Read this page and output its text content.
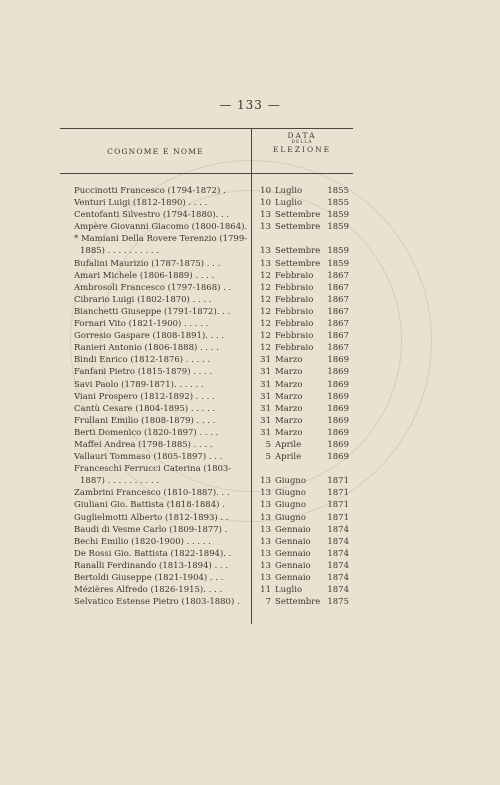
— 133 —
COGNOME E NOME
DATA
DELLA
ELEZIONE
Puccinotti Francesco (1794-1872) .	10 Luglio	1855
Venturi Luigi (1812-1890) . . . .	10 Luglio	1855
Centofanti Silvestro (1794-1880). . .	13 Settembre 1859
Ampère Giovanni Giacomo (1800-1864).	13 Settembre 1859
* Mamiani Della Rovere Terenzio (1799-
1885) . . . . . . . . . .	13 Settembre 1859
Bufalini Maurizio (1787-1875) . . .	13 Settembre 1859
Amari Michele (1806-1889) . . . .	12 Febbraio 1867
Ambrosoli Francesco (1797-1868) . .	12 Febbraio 1867
Cibrario Luigi (1802-1870) . . . .	12 Febbraio 1867
Bianchetti Giuseppe (1791-1872). . .	12 Febbraio 1867
Fornari Vito (1821-1900) . . . . .	12 Febbraio 1867
Gorresio Gaspare (1808-1891). . . .	12 Febbraio 1867
Ranieri Antonio (1806-1888) . . . .	12 Febbraio 1867
Bindi Enrico (1812-1876) . . . . .	31 Marzo	1869
Fanfani Pietro (1815-1879) . . . .	31 Marzo	1869
Savi Paolo (1789-1871). . . . . .	31 Marzo	1869
Viani Prospero (1812-1892) . . . .	31 Marzo	1869
Cantù Cesare (1804-1895) . . . . .	31 Marzo	1869
Frullani Emilio (1808-1879) . . . .	31 Marzo	1869
Berti Domenico (1820-1897) . . . .	31 Marzo	1869
Maffei Andrea (1798-1885) . . . .	5 Aprile	1869
Vallauri Tommaso (1805-1897) . . .	5 Aprile	1869
Franceschi Ferrucci Caterina (1803-
1887) . . . . . . . . . .	13 Giugno	1871
Zambrini Francesco (1810-1887). . .	13 Giugno	1871
Giuliani Gio. Battista (1818-1884) .	13 Giugno	1871
Guglielmotti Alberto (1812-1893) . .	13 Giugno	1871
Baudi di Vesme Carlo (1809-1877) .	13 Gennaio 1874
Bechi Emilio (1820-1900) . . . . .	13 Gennaio 1874
De Rossi Gio. Battista (1822-1894). .	13 Gennaio 1874
Ranalli Ferdinando (1813-1894) . . .	13 Gennaio 1874
Bertoldi Giuseppe (1821-1904) . . .	13 Gennaio 1874
Mézières Alfredo (1826-1915). . . .	11 Luglio	1874
Selvatico Estense Pietro (1803-1880) .	7 Settembre 1875
